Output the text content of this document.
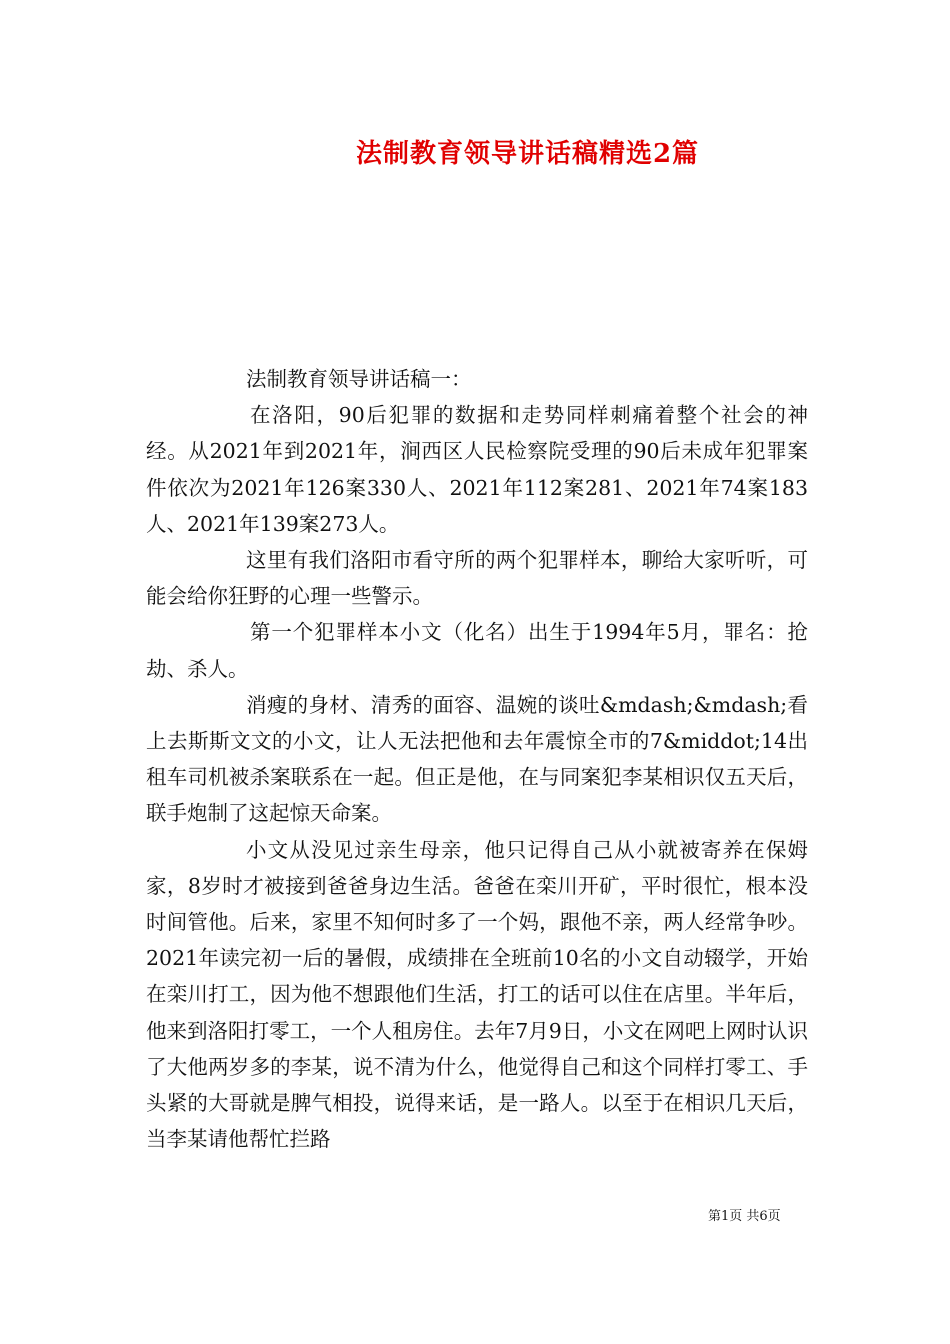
法制教育领导讲话稿精选2篇

法制教育领导讲话稿一：

在洛阳，90后犯罪的数据和走势同样刺痛着整个社会的神经。从2021年到2021年，涧西区人民检察院受理的90后未成年犯罪案件依次为2021年126案330人、2021年112案281、2021年74案183人、2021年139案273人。

这里有我们洛阳市看守所的两个犯罪样本，聊给大家听听，可能会给你狂野的心理一些警示。

第一个犯罪样本小文（化名）出生于1994年5月，罪名：抢劫、杀人。

消瘦的身材、清秀的面容、温婉的谈吐&mdash;&mdash;看上去斯斯文文的小文，让人无法把他和去年震惊全市的7&middot;14出租车司机被杀案联系在一起。但正是他，在与同案犯李某相识仅五天后，联手炮制了这起惊天命案。

小文从没见过亲生母亲，他只记得自己从小就被寄养在保姆家，8岁时才被接到爸爸身边生活。爸爸在栾川开矿，平时很忙，根本没时间管他。后来，家里不知何时多了一个妈，跟他不亲，两人经常争吵。2021年读完初一后的暑假，成绩排在全班前10名的小文自动辍学，开始在栾川打工，因为他不想跟他们生活，打工的话可以住在店里。半年后，他来到洛阳打零工，一个人租房住。去年7月9日，小文在网吧上网时认识了大他两岁多的李某，说不清为什么，他觉得自己和这个同样打零工、手头紧的大哥就是脾气相投，说得来话，是一路人。以至于在相识几天后，当李某请他帮忙拦路

第1页 共6页
